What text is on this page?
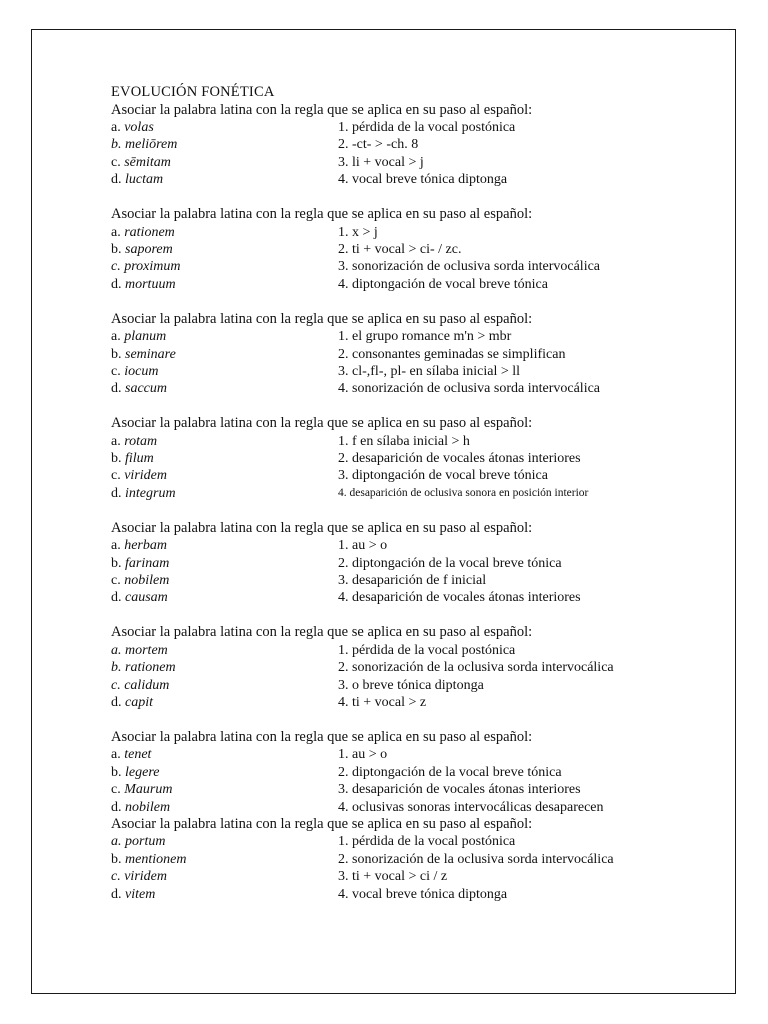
EVOLUCIÓN FONÉTICA
Asociar la palabra latina con la regla que se aplica en su paso al español:
a. volas	1. pérdida de la vocal postónica
b. meliōrem	2. -ct- > -ch. 8
c. sēmitam	3. li + vocal > j
d. luctam	4. vocal breve tónica diptonga
Asociar la palabra latina con la regla que se aplica en su paso al español:
a. rationem	1. x > j
b. saporem	2. ti + vocal > ci- / zc.
c. proximum	3. sonorización de oclusiva sorda intervocálica
d. mortuum	4. diptongación de vocal breve tónica
Asociar la palabra latina con la regla que se aplica en su paso al español:
a. planum	1. el grupo romance m'n > mbr
b. seminare	2. consonantes geminadas se simplifican
c. iocum	3. cl-,fl-, pl- en sílaba inicial > ll
d. saccum	4. sonorización de oclusiva sorda intervocálica
Asociar la palabra latina con la regla que se aplica en su paso al español:
a. rotam	1. f en sílaba inicial > h
b. filum	2. desaparición de vocales átonas interiores
c. viridem	3. diptongación de vocal breve tónica
d. integrum	4. desaparición de oclusiva sonora en posición interior
Asociar la palabra latina con la regla que se aplica en su paso al español:
a. herbam	1. au > o
b. farinam	2. diptongación de la vocal breve tónica
c. nobilem	3. desaparición de f inicial
d. causam	4. desaparición de vocales átonas interiores
Asociar la palabra latina con la regla que se aplica en su paso al español:
a. mortem	1. pérdida de la vocal postónica
b. rationem	2. sonorización de la oclusiva sorda intervocálica
c. calidum	3. o breve tónica diptonga
d. capit	4. ti + vocal > z
Asociar la palabra latina con la regla que se aplica en su paso al español:
a. tenet	1. au > o
b. legere	2. diptongación de la vocal breve tónica
c. Maurum	3. desaparición de vocales átonas interiores
d. nobilem	4. oclusivas sonoras intervocálicas desaparecen
Asociar la palabra latina con la regla que se aplica en su paso al español:
a. portum	1. pérdida de la vocal postónica
b. mentionem	2. sonorización de la oclusiva sorda intervocálica
c. viridem	3. ti + vocal > ci / z
d. vitem	4. vocal breve tónica diptonga
